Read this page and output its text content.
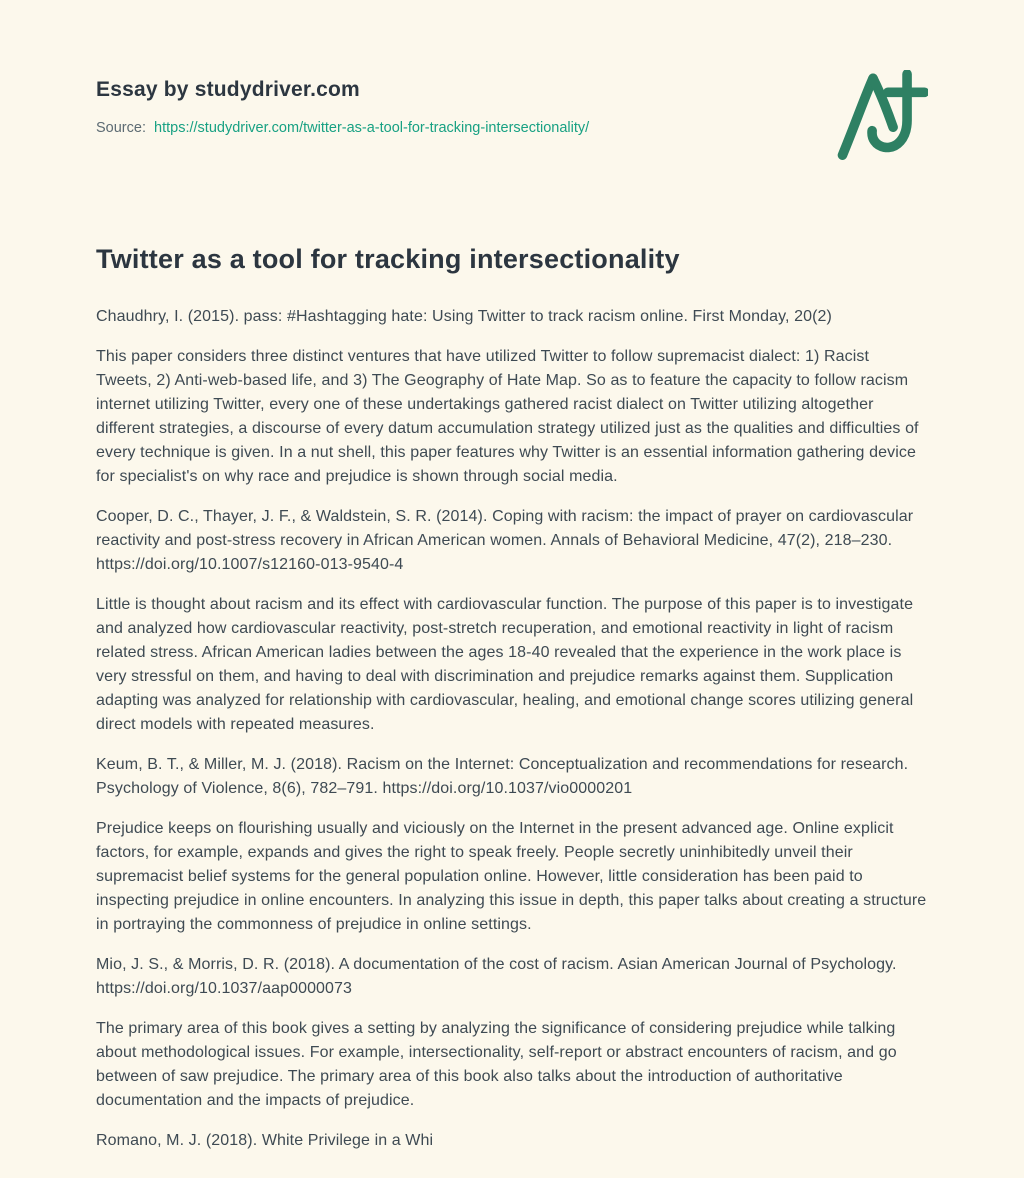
Essay by studydriver.com

Source: https://studydriver.com/twitter-as-a-tool-for-tracking-intersectionality/

Twitter as a tool for tracking intersectionality

Chaudhry, I. (2015). pass: #Hashtagging hate: Using Twitter to track racism online. First Monday, 20(2)

This paper considers three distinct ventures that have utilized Twitter to follow supremacist dialect: 1) Racist Tweets, 2) Anti-web-based life, and 3) The Geography of Hate Map. So as to feature the capacity to follow racism internet utilizing Twitter, every one of these undertakings gathered racist dialect on Twitter utilizing altogether different strategies, a discourse of every datum accumulation strategy utilized just as the qualities and difficulties of every technique is given. In a nut shell, this paper features why Twitter is an essential information gathering device for specialist's on why race and prejudice is shown through social media.

Cooper, D. C., Thayer, J. F., & Waldstein, S. R. (2014). Coping with racism: the impact of prayer on cardiovascular reactivity and post-stress recovery in African American women. Annals of Behavioral Medicine, 47(2), 218–230. https://doi.org/10.1007/s12160-013-9540-4

Little is thought about racism and its effect with cardiovascular function. The purpose of this paper is to investigate and analyzed how cardiovascular reactivity, post-stretch recuperation, and emotional reactivity in light of racism related stress. African American ladies between the ages 18-40 revealed that the experience in the work place is very stressful on them, and having to deal with discrimination and prejudice remarks against them. Supplication adapting was analyzed for relationship with cardiovascular, healing, and emotional change scores utilizing general direct models with repeated measures.

Keum, B. T., & Miller, M. J. (2018). Racism on the Internet: Conceptualization and recommendations for research. Psychology of Violence, 8(6), 782–791. https://doi.org/10.1037/vio0000201

Prejudice keeps on flourishing usually and viciously on the Internet in the present advanced age. Online explicit factors, for example, expands and gives the right to speak freely. People secretly uninhibitedly unveil their supremacist belief systems for the general population online. However, little consideration has been paid to inspecting prejudice in online encounters. In analyzing this issue in depth, this paper talks about creating a structure in portraying the commonness of prejudice in online settings.

Mio, J. S., & Morris, D. R. (2018). A documentation of the cost of racism. Asian American Journal of Psychology. https://doi.org/10.1037/aap0000073

The primary area of this book gives a setting by analyzing the significance of considering prejudice while talking about methodological issues. For example, intersectionality, self-report or abstract encounters of racism, and go between of saw prejudice. The primary area of this book also talks about the introduction of authoritative documentation and the impacts of prejudice.

Romano, M. J. (2018). White Privilege in a Whi
